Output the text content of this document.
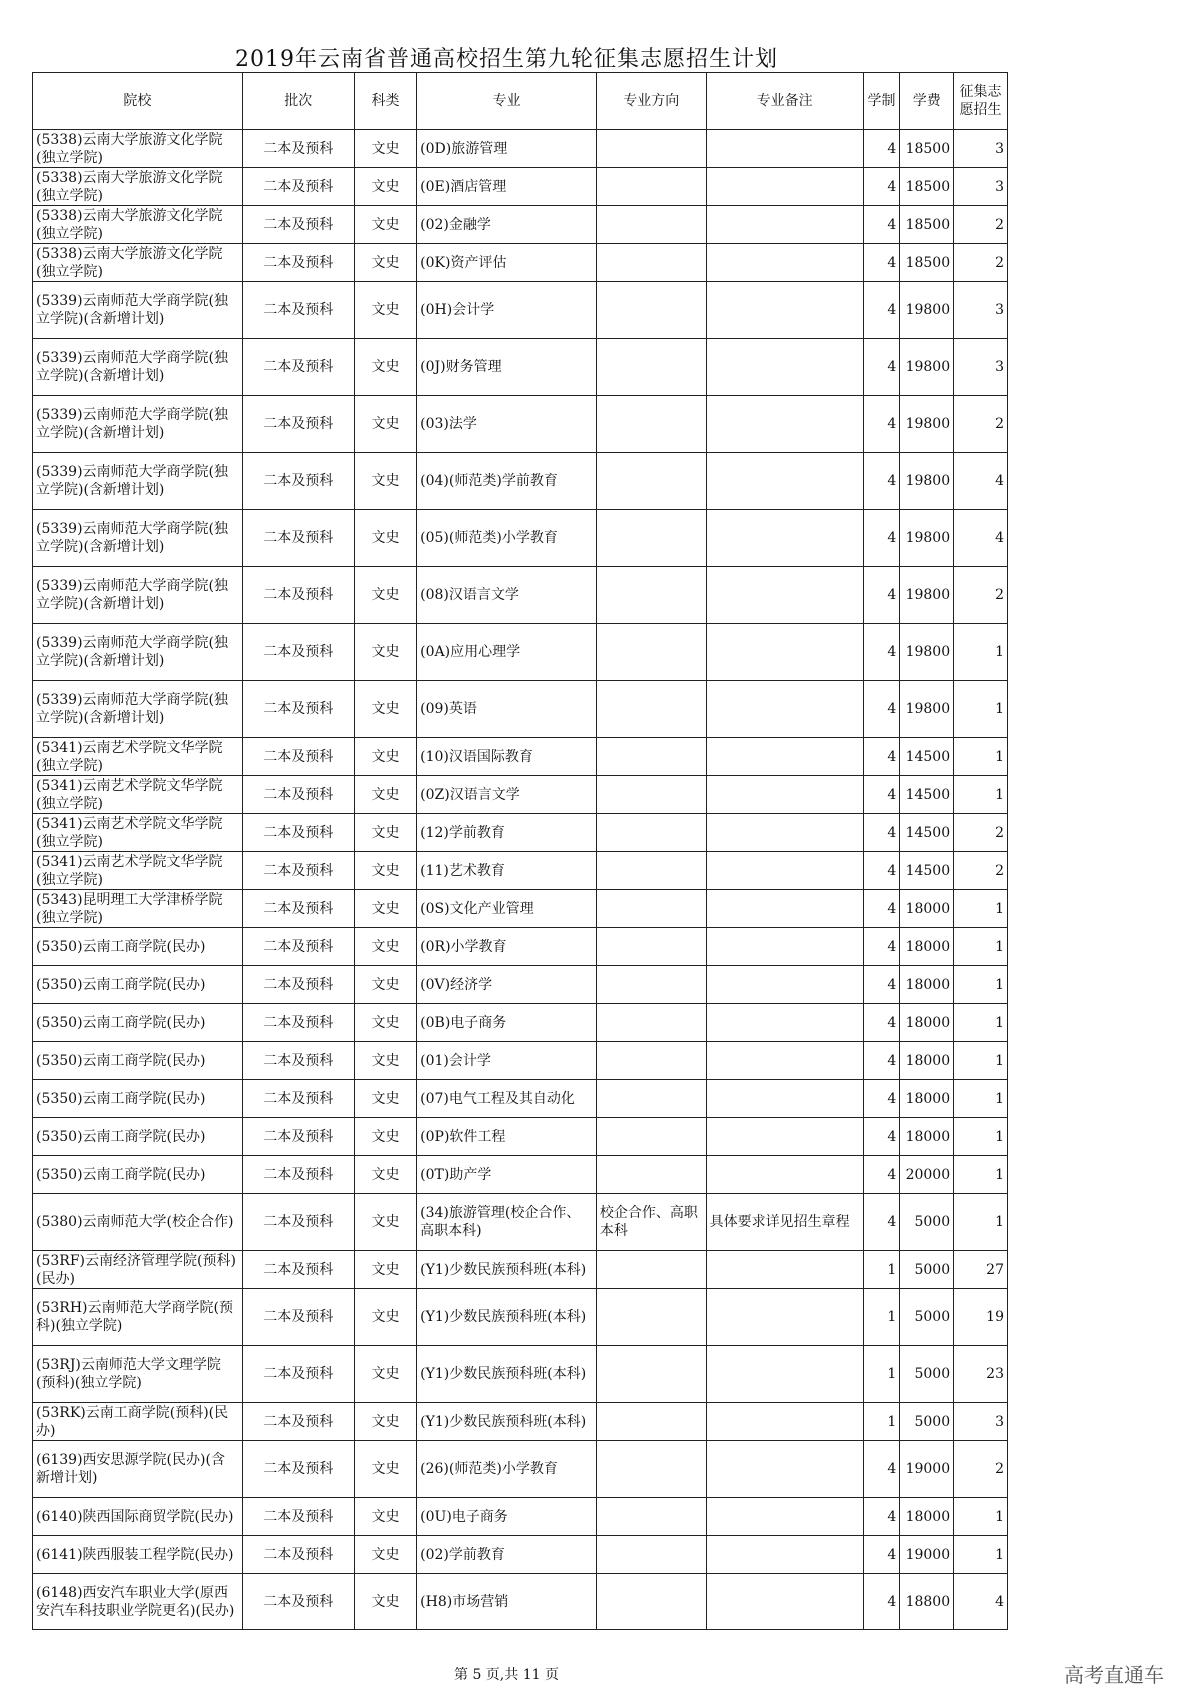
2019年云南省普通高校招生第九轮征集志愿招生计划
院校	批次	科类	专业	专业方向	专业备注	学制	学费	征集志愿招生
(5338)云南大学旅游文化学院(独立学院)	二本及预科	文史	(0D)旅游管理			4	18500	3
(5338)云南大学旅游文化学院(独立学院)	二本及预科	文史	(0E)酒店管理			4	18500	3
(5338)云南大学旅游文化学院(独立学院)	二本及预科	文史	(02)金融学			4	18500	2
(5338)云南大学旅游文化学院(独立学院)	二本及预科	文史	(0K)资产评估			4	18500	2
(5339)云南师范大学商学院(独立学院)(含新增计划)	二本及预科	文史	(0H)会计学			4	19800	3
(5339)云南师范大学商学院(独立学院)(含新增计划)	二本及预科	文史	(0J)财务管理			4	19800	3
(5339)云南师范大学商学院(独立学院)(含新增计划)	二本及预科	文史	(03)法学			4	19800	2
(5339)云南师范大学商学院(独立学院)(含新增计划)	二本及预科	文史	(04)(师范类)学前教育			4	19800	4
(5339)云南师范大学商学院(独立学院)(含新增计划)	二本及预科	文史	(05)(师范类)小学教育			4	19800	4
(5339)云南师范大学商学院(独立学院)(含新增计划)	二本及预科	文史	(08)汉语言文学			4	19800	2
(5339)云南师范大学商学院(独立学院)(含新增计划)	二本及预科	文史	(0A)应用心理学			4	19800	1
(5339)云南师范大学商学院(独立学院)(含新增计划)	二本及预科	文史	(09)英语			4	19800	1
(5341)云南艺术学院文华学院(独立学院)	二本及预科	文史	(10)汉语国际教育			4	14500	1
(5341)云南艺术学院文华学院(独立学院)	二本及预科	文史	(0Z)汉语言文学			4	14500	1
(5341)云南艺术学院文华学院(独立学院)	二本及预科	文史	(12)学前教育			4	14500	2
(5341)云南艺术学院文华学院(独立学院)	二本及预科	文史	(11)艺术教育			4	14500	2
(5343)昆明理工大学津桥学院(独立学院)	二本及预科	文史	(0S)文化产业管理			4	18000	1
(5350)云南工商学院(民办)	二本及预科	文史	(0R)小学教育			4	18000	1
(5350)云南工商学院(民办)	二本及预科	文史	(0V)经济学			4	18000	1
(5350)云南工商学院(民办)	二本及预科	文史	(0B)电子商务			4	18000	1
(5350)云南工商学院(民办)	二本及预科	文史	(01)会计学			4	18000	1
(5350)云南工商学院(民办)	二本及预科	文史	(07)电气工程及其自动化			4	18000	1
(5350)云南工商学院(民办)	二本及预科	文史	(0P)软件工程			4	18000	1
(5350)云南工商学院(民办)	二本及预科	文史	(0T)助产学			4	20000	1
(5380)云南师范大学(校企合作)	二本及预科	文史	(34)旅游管理(校企合作、高职本科)	校企合作、高职本科	具体要求详见招生章程	4	5000	1
(53RF)云南经济管理学院(预科)(民办)	二本及预科	文史	(Y1)少数民族预科班(本科)			1	5000	27
(53RH)云南师范大学商学院(预科)(独立学院)	二本及预科	文史	(Y1)少数民族预科班(本科)			1	5000	19
(53RJ)云南师范大学文理学院(预科)(独立学院)	二本及预科	文史	(Y1)少数民族预科班(本科)			1	5000	23
(53RK)云南工商学院(预科)(民办)	二本及预科	文史	(Y1)少数民族预科班(本科)			1	5000	3
(6139)西安思源学院(民办)(含新增计划)	二本及预科	文史	(26)(师范类)小学教育			4	19000	2
(6140)陕西国际商贸学院(民办)	二本及预科	文史	(0U)电子商务			4	18000	1
(6141)陕西服装工程学院(民办)	二本及预科	文史	(02)学前教育			4	19000	1
(6148)西安汽车职业大学(原西安汽车科技职业学院更名)(民办)	二本及预科	文史	(H8)市场营销			4	18800	4
第 5 页,共 11 页	高考直通车
